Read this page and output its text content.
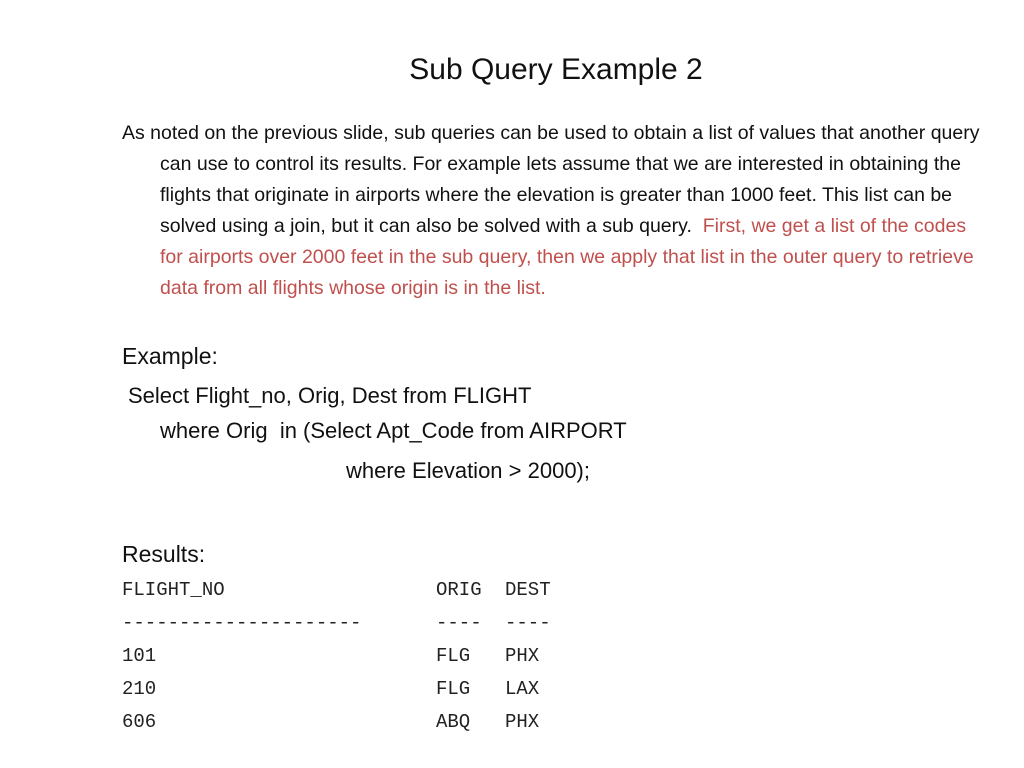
Sub Query Example 2
As noted on the previous slide, sub queries can be used to obtain a list of values that another query can use to control its results. For example lets assume that we are interested in obtaining the flights that originate in airports where the elevation is greater than 1000 feet. This list can be solved using a join, but it can also be solved with a sub query. First, we get a list of the codes for airports over 2000 feet in the sub query, then we apply that list in the outer query to retrieve data from all flights whose origin is in the list.
Example:
Select Flight_no, Orig, Dest from FLIGHT
where Orig  in (Select Apt_Code from AIRPORT
where Elevation > 2000);
Results:
FLIGHT_NO	ORIG	DEST
---------------------	----	----
101	FLG	PHX
210	FLG	LAX
606	ABQ	PHX
